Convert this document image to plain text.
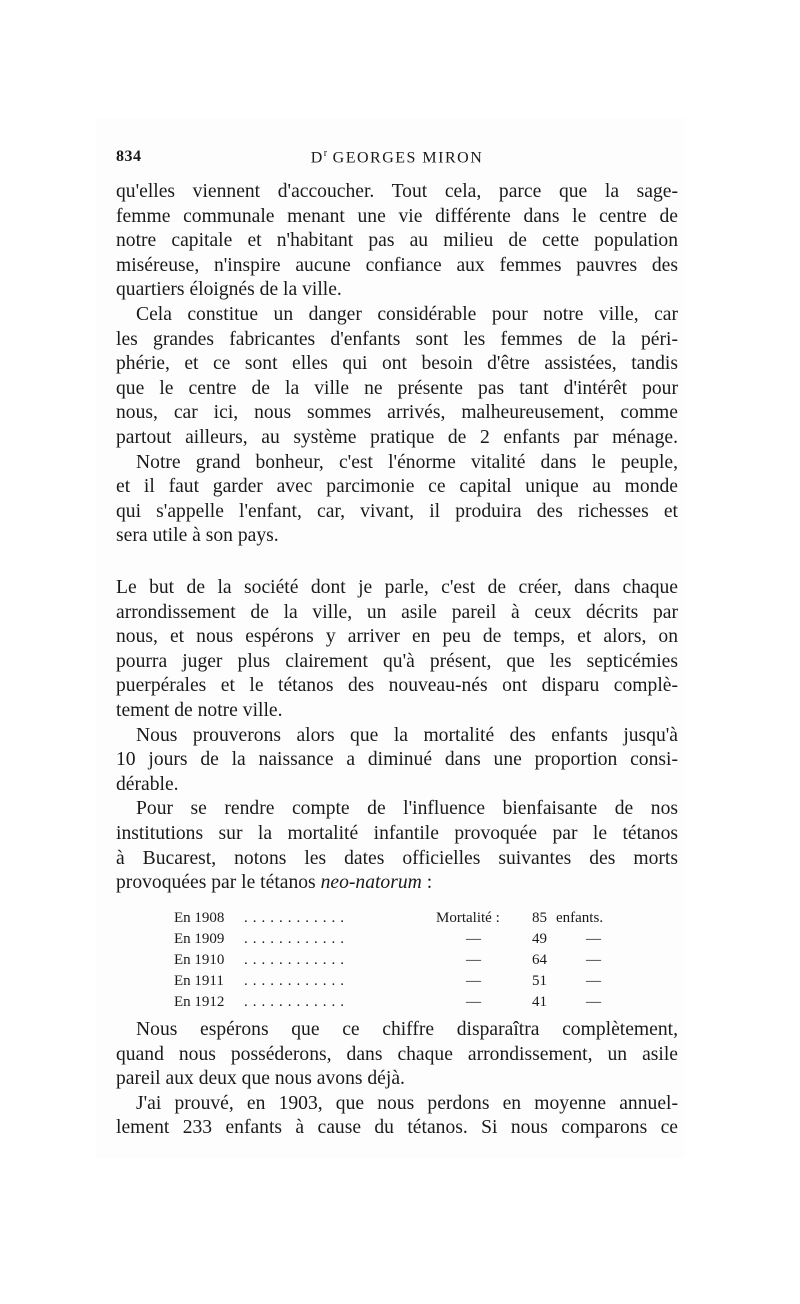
834	$D^r$ GEORGES MIRON
qu'elles viennent d'accoucher. Tout cela, parce que la sage-
femme communale menant une vie différente dans le centre de
notre capitale et n'habitant pas au milieu de cette population
miséreuse, n'inspire aucune confiance aux femmes pauvres des
quartiers éloignés de la ville.
Cela constitue un danger considérable pour notre ville, car
les grandes fabricantes d'enfants sont les femmes de la péri-
phérie, et ce sont elles qui ont besoin d'être assistées, tandis
que le centre de la ville ne présente pas tant d'intérêt pour
nous, car ici, nous sommes arrivés, malheureusement, comme
partout ailleurs, au système pratique de 2 enfants par ménage.
Notre grand bonheur, c'est l'énorme vitalité dans le peuple,
et il faut garder avec parcimonie ce capital unique au monde
qui s'appelle l'enfant, car, vivant, il produira des richesses et
sera utile à son pays.
Le but de la société dont je parle, c'est de créer, dans chaque
arrondissement de la ville, un asile pareil à ceux décrits par
nous, et nous espérons y arriver en peu de temps, et alors, on
pourra juger plus clairement qu'à présent, que les septicémies
puerpérales et le tétanos des nouveau-nés ont disparu complè-
tement de notre ville.
Nous prouverons alors que la mortalité des enfants jusqu'à
10 jours de la naissance a diminué dans une proportion consi-
dérable.
Pour se rendre compte de l'influence bienfaisante de nos
institutions sur la mortalité infantile provoquée par le tétanos
à Bucarest, notons les dates officielles suivantes des morts
provoquées par le tétanos neo-natorum :
En 1908 ............	Mortalité : 85 enfants.
En 1909 ............	—	49	—
En 1910 ............	—	64	—
En 1911 ............	—	51	—
En 1912 ............	—	41	—
Nous espérons que ce chiffre disparaîtra complètement,
quand nous posséderons, dans chaque arrondissement, un asile
pareil aux deux que nous avons déjà.
J'ai prouvé, en 1903, que nous perdons en moyenne annuel-
lement 233 enfants à cause du tétanos. Si nous comparons ce
